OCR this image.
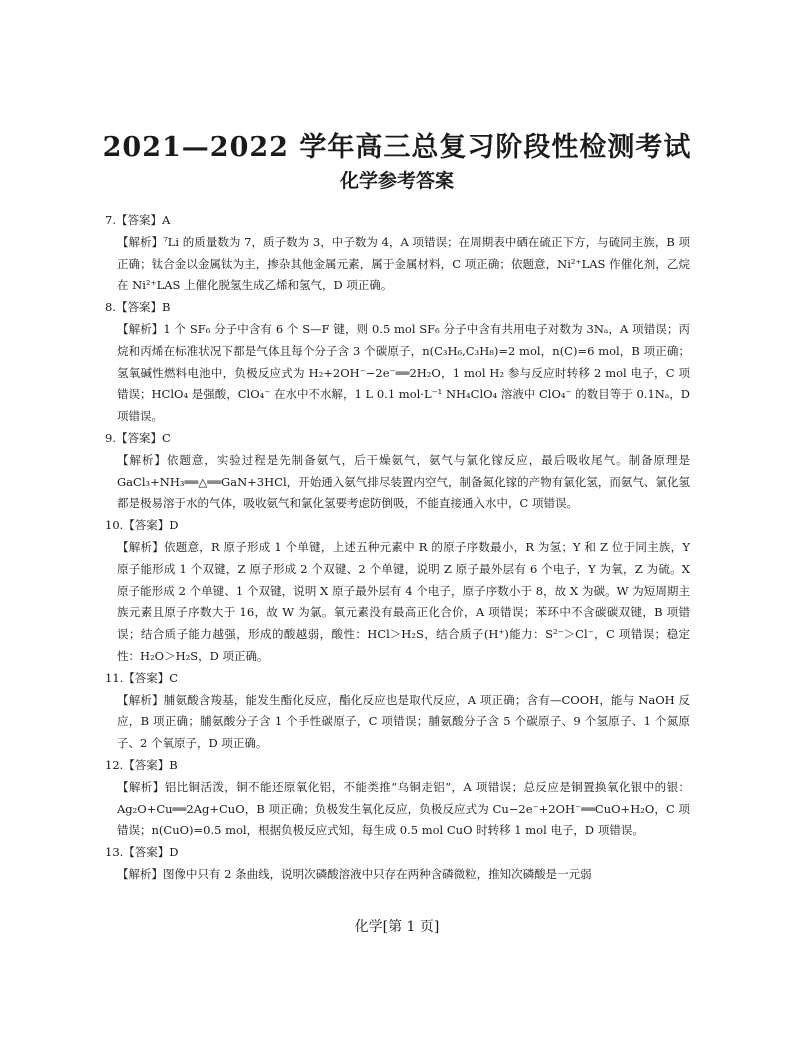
2021—2022 学年高三总复习阶段性检测考试
化学参考答案
7.【答案】A
【解析】⁷Li 的质量数为 7，质子数为 3，中子数为 4，A 项错误；在周期表中硒在硫正下方，与硫同主族，B 项正确；钛合金以金属钛为主，掺杂其他金属元素，属于金属材料，C 项正确；依题意，Ni²⁺LAS 作催化剂，乙烷在 Ni²⁺LAS 上催化脱氢生成乙烯和氢气，D 项正确。
8.【答案】B
【解析】1 个 SF₆ 分子中含有 6 个 S—F 键，则 0.5 mol SF₆ 分子中含有共用电子对数为 3Nₐ，A 项错误；丙烷和丙烯在标准状况下都是气体且每个分子含 3 个碳原子，n(C₃H₆,C₃H₈)=2 mol，n(C)=6 mol，B 项正确；氢氧碱性燃料电池中，负极反应式为 H₂+2OH⁻−2e⁻══2H₂O，1 mol H₂ 参与反应时转移 2 mol 电子，C 项错误；HClO₄ 是强酸，ClO₄⁻ 在水中不水解，1 L 0.1 mol·L⁻¹ NH₄ClO₄ 溶液中 ClO₄⁻ 的数目等于 0.1Nₐ，D 项错误。
9.【答案】C
【解析】依题意，实验过程是先制备氨气，后干燥氨气，氨气与氯化镓反应，最后吸收尾气。制备原理是 GaCl₃+NH₃══△══GaN+3HCl，开始通入氨气排尽装置内空气，制备氮化镓的产物有氯化氢，而氨气、氯化氢都是极易溶于水的气体，吸收氨气和氯化氢要考虑防倒吸，不能直接通入水中，C 项错误。
10.【答案】D
【解析】依题意，R 原子形成 1 个单键，上述五种元素中 R 的原子序数最小，R 为氢；Y 和 Z 位于同主族，Y 原子能形成 1 个双键，Z 原子形成 2 个双键、2 个单键，说明 Z 原子最外层有 6 个电子，Y 为氧，Z 为硫。X 原子能形成 2 个单键、1 个双键，说明 X 原子最外层有 4 个电子，原子序数小于 8，故 X 为碳。W 为短周期主族元素且原子序数大于 16，故 W 为氯。氧元素没有最高正化合价，A 项错误；苯环中不含碳碳双键，B 项错误；结合质子能力越强，形成的酸越弱，酸性：HCl＞H₂S，结合质子(H⁺)能力：S²⁻＞Cl⁻，C 项错误；稳定性：H₂O＞H₂S，D 项正确。
11.【答案】C
【解析】脯氨酸含羧基，能发生酯化反应，酯化反应也是取代反应，A 项正确；含有—COOH，能与 NaOH 反应，B 项正确；脯氨酸分子含 1 个手性碳原子，C 项错误；脯氨酸分子含 5 个碳原子、9 个氢原子、1 个氮原子、2 个氧原子，D 项正确。
12.【答案】B
【解析】铝比铜活泼，铜不能还原氧化铝，不能类推“乌铜走铝”，A 项错误；总反应是铜置换氧化银中的银：Ag₂O+Cu══2Ag+CuO，B 项正确；负极发生氧化反应，负极反应式为 Cu−2e⁻+2OH⁻══CuO+H₂O，C 项错误；n(CuO)=0.5 mol，根据负极反应式知，每生成 0.5 mol CuO 时转移 1 mol 电子，D 项错误。
13.【答案】D
【解析】图像中只有 2 条曲线，说明次磷酸溶液中只存在两种含磷微粒，推知次磷酸是一元弱
化学[第 1 页]
